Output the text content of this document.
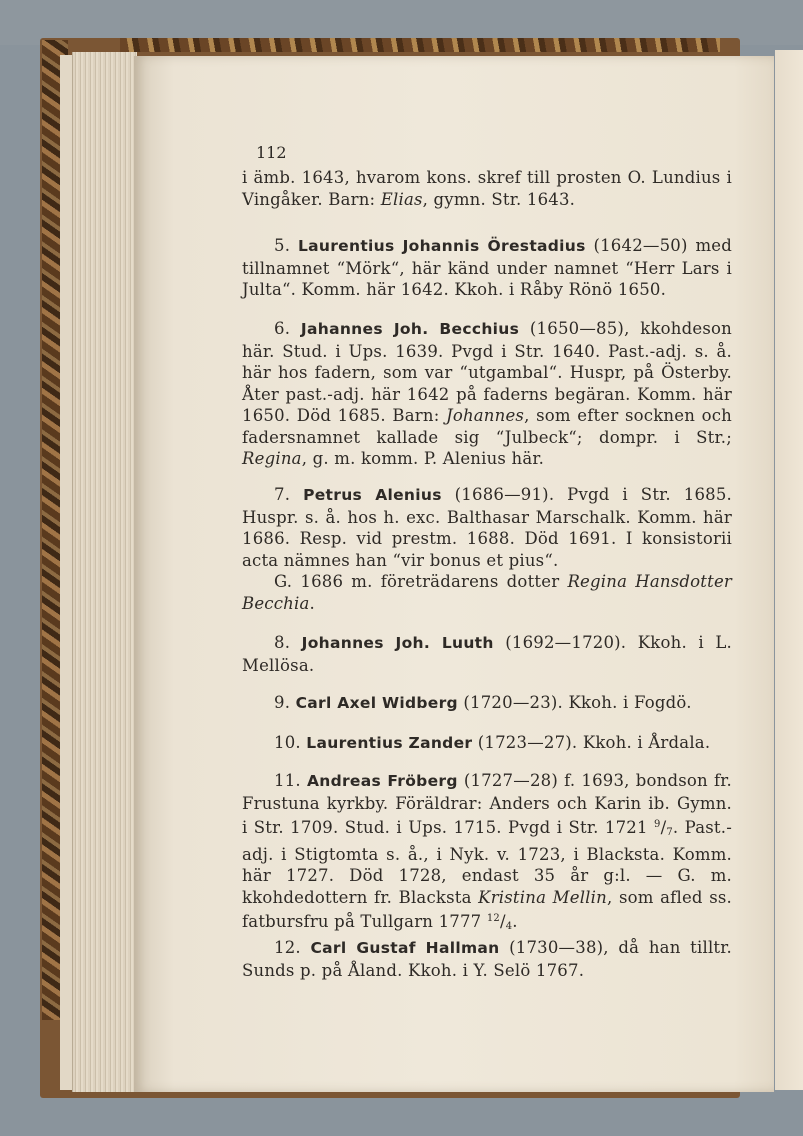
112
i ämb. 1643, hvarom kons. skref till prosten O. Lundius i Vingåker. Barn: Elias, gymn. Str. 1643.
5. Laurentius Johannis Örestadius (1642—50) med tillnamnet “Mörk“, här känd under namnet “Herr Lars i Julta“. Komm. här 1642. Kkoh. i Råby Rönö 1650.
6. Jahannes Joh. Becchius (1650—85), kkohdeson här. Stud. i Ups. 1639. Pvgd i Str. 1640. Past.-adj. s. å. här hos fadern, som var “utgambal“. Huspr, på Österby. Åter past.-adj. här 1642 på faderns begäran. Komm. här 1650. Död 1685. Barn: Johannes, som efter socknen och fadersnamnet kallade sig “Julbeck“; dompr. i Str.; Regina, g. m. komm. P. Alenius här.
7. Petrus Alenius (1686—91). Pvgd i Str. 1685. Huspr. s. å. hos h. exc. Balthasar Marschalk. Komm. här 1686. Resp. vid prestm. 1688. Död 1691. I konsistorii acta nämnes han “vir bonus et pius“.
G. 1686 m. företrädarens dotter Regina Hansdotter Becchia.
8. Johannes Joh. Luuth (1692—1720). Kkoh. i L. Mellösa.
9. Carl Axel Widberg (1720—23). Kkoh. i Fogdö.
10. Laurentius Zander (1723—27). Kkoh. i Årdala.
11. Andreas Fröberg (1727—28) f. 1693, bondson fr. Frustuna kyrkby. Föräldrar: Anders och Karin ib. Gymn. i Str. 1709. Stud. i Ups. 1715. Pvgd i Str. 1721 $^9/_7$. Past.-adj. i Stigtomta s. å., i Nyk. v. 1723, i Blacksta. Komm. här 1727. Död 1728, endast 35 år g:l. — G. m. kkohdedottern fr. Blacksta Kristina Mellin, som afled ss. fatbursfru på Tullgarn 1777 $^{12}/_4$.
12. Carl Gustaf Hallman (1730—38), då han tilltr. Sunds p. på Åland. Kkoh. i Y. Selö 1767.
